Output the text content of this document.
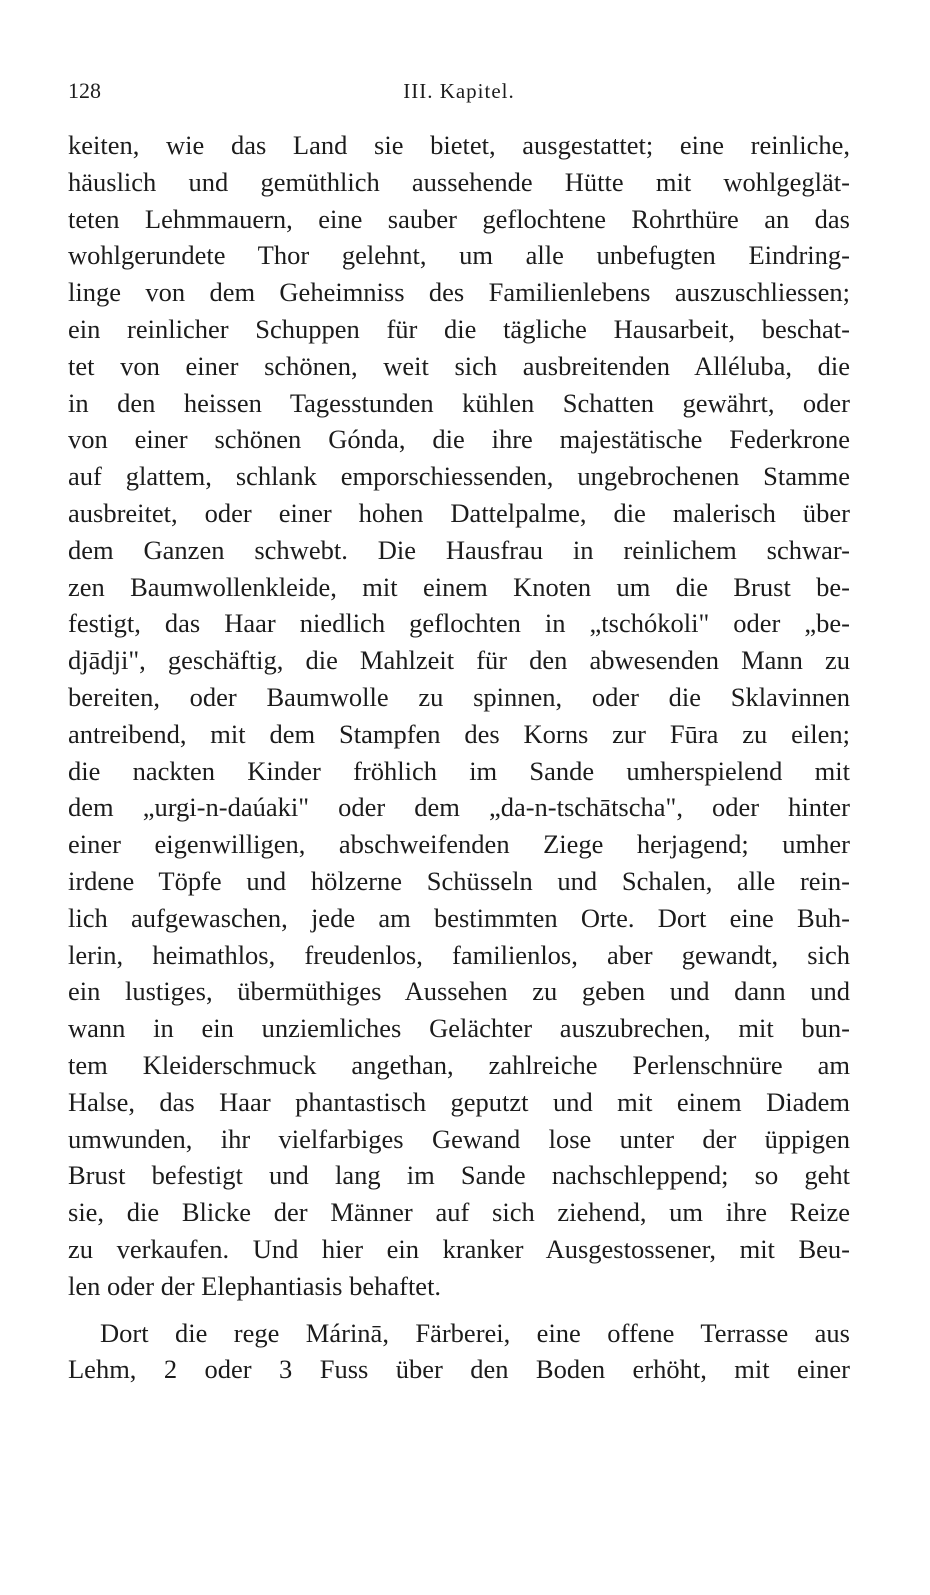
128	III. Kapitel.
keiten, wie das Land sie bietet, ausgestattet; eine reinliche,
häuslich und gemüthlich aussehende Hütte mit wohlgeglät-
teten Lehmmauern, eine sauber geflochtene Rohrthüre an das
wohlgerundete Thor gelehnt, um alle unbefugten Eindring-
linge von dem Geheimniss des Familienlebens auszuschliessen;
ein reinlicher Schuppen für die tägliche Hausarbeit, beschat-
tet von einer schönen, weit sich ausbreitenden Alléluba, die
in den heissen Tagesstunden kühlen Schatten gewährt, oder
von einer schönen Gónda, die ihre majestätische Federkrone
auf glattem, schlank emporschiessenden, ungebrochenen Stamme
ausbreitet, oder einer hohen Dattelpalme, die malerisch über
dem Ganzen schwebt. Die Hausfrau in reinlichem schwar-
zen Baumwollenkleide, mit einem Knoten um die Brust be-
festigt, das Haar niedlich geflochten in „tschókoli" oder „be-
djādji", geschäftig, die Mahlzeit für den abwesenden Mann zu
bereiten, oder Baumwolle zu spinnen, oder die Sklavinnen
antreibend, mit dem Stampfen des Korns zur Fūra zu eilen;
die nackten Kinder fröhlich im Sande umherspielend mit
dem „urgi-n-daúaki" oder dem „da-n-tschātscha", oder hinter
einer eigenwilligen, abschweifenden Ziege herjagend; umher
irdene Töpfe und hölzerne Schüsseln und Schalen, alle rein-
lich aufgewaschen, jede am bestimmten Orte. Dort eine Buh-
lerin, heimathlos, freudenlos, familienlos, aber gewandt, sich
ein lustiges, übermüthiges Aussehen zu geben und dann und
wann in ein unziemliches Gelächter auszubrechen, mit bun-
tem Kleiderschmuck angethan, zahlreiche Perlenschnüre am
Halse, das Haar phantastisch geputzt und mit einem Diadem
umwunden, ihr vielfarbiges Gewand lose unter der üppigen
Brust befestigt und lang im Sande nachschleppend; so geht
sie, die Blicke der Männer auf sich ziehend, um ihre Reize
zu verkaufen. Und hier ein kranker Ausgestossener, mit Beu-
len oder der Elephantiasis behaftet.
Dort die rege Márinā, Färberei, eine offene Terrasse aus
Lehm, 2 oder 3 Fuss über den Boden erhöht, mit einer
